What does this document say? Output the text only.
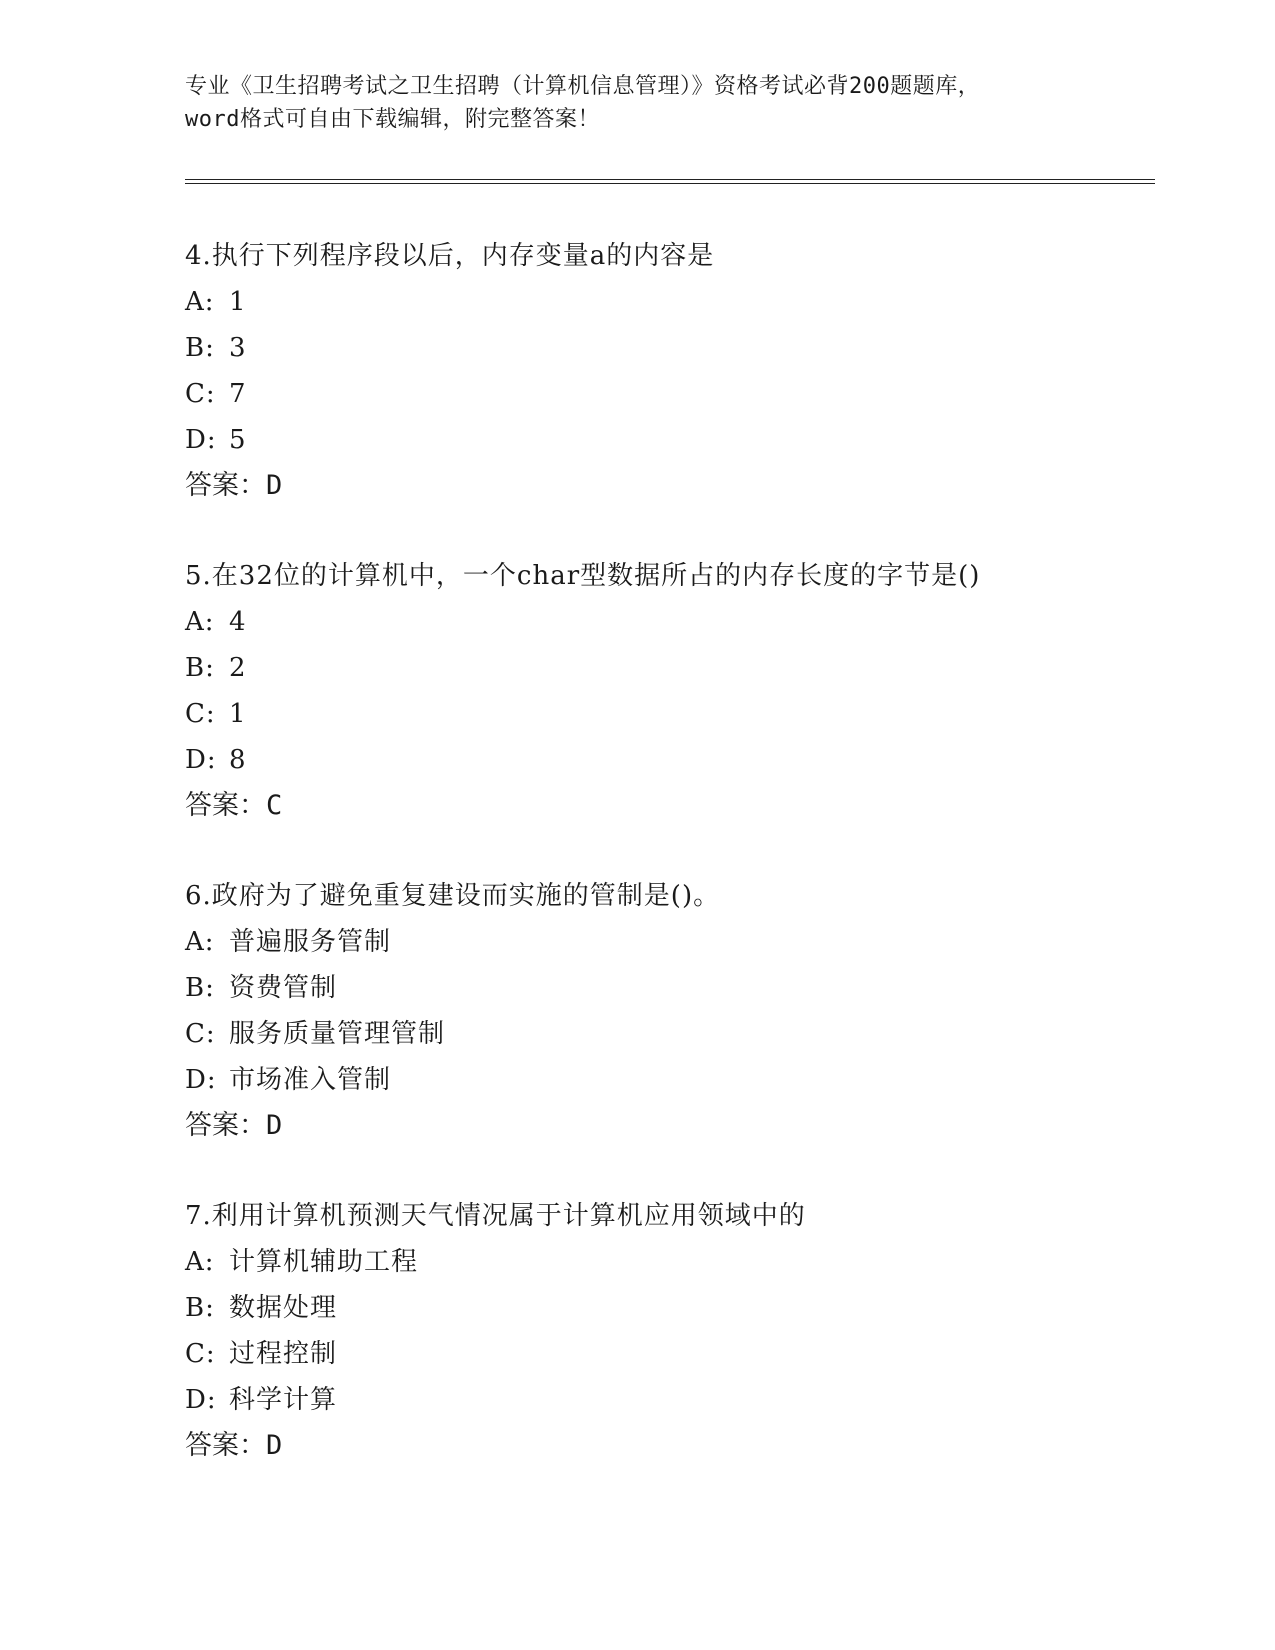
专业《卫生招聘考试之卫生招聘（计算机信息管理）》资格考试必背200题题库，
word格式可自由下载编辑，附完整答案！
4.执行下列程序段以后，内存变量a的内容是
A: 1
B: 3
C: 7
D: 5
答案：D
5.在32位的计算机中，一个char型数据所占的内存长度的字节是()
A: 4
B: 2
C: 1
D: 8
答案：C
6.政府为了避免重复建设而实施的管制是()。
A: 普遍服务管制
B: 资费管制
C: 服务质量管理管制
D: 市场准入管制
答案：D
7.利用计算机预测天气情况属于计算机应用领域中的
A: 计算机辅助工程
B: 数据处理
C: 过程控制
D: 科学计算
答案：D
